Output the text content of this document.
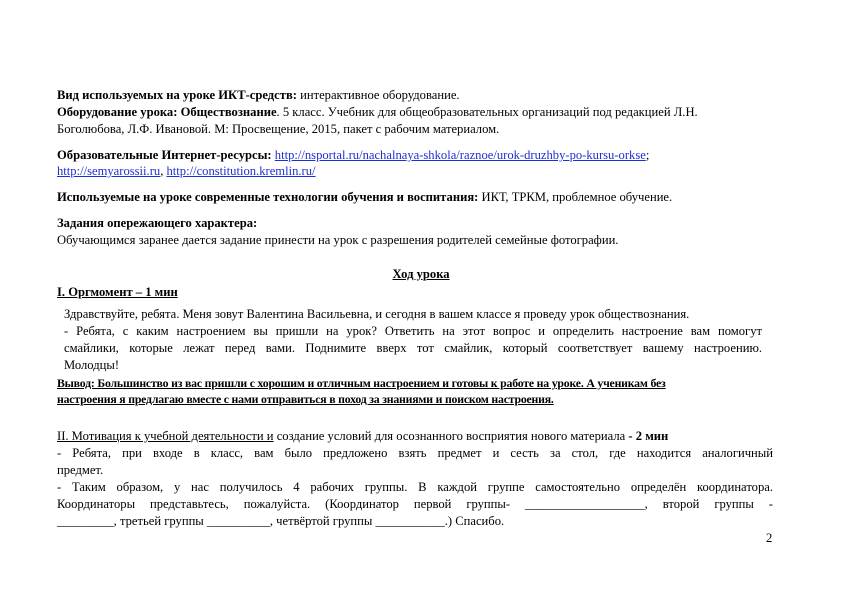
Вид используемых на уроке ИКТ-средств: интерактивное оборудование.
Оборудование урока: Обществознание. 5 класс. Учебник для общеобразовательных организаций под редакцией Л.Н.
Боголюбова, Л.Ф. Ивановой. М: Просвещение, 2015, пакет с рабочим материалом.
Образовательные Интернет-ресурсы: http://nsportal.ru/nachalnaya-shkola/raznoe/urok-druzhby-po-kursu-orkse;
http://semyarossii.ru, http://constitution.kremlin.ru/
Используемые на уроке современные технологии обучения и воспитания: ИКТ, ТРКМ, проблемное обучение.
Задания опережающего характера:
Обучающимся заранее дается задание принести на урок с разрешения родителей семейные фотографии.
Ход урока
I. Оргмомент – 1 мин
Здравствуйте, ребята. Меня зовут Валентина Васильевна, и сегодня в вашем классе я проведу урок обществознания.
- Ребята, с каким настроением вы пришли на урок? Ответить на этот вопрос и определить настроение вам помогут
смайлики, которые лежат перед вами. Поднимите вверх тот смайлик, который соответствует вашему настроению.
Молодцы!
Вывод: Большинство из вас пришли с хорошим и отличным настроением и готовы к работе на уроке. А ученикам без
настроения я предлагаю вместе с нами отправиться в поход за знаниями и поиском настроения.
II. Мотивация к учебной деятельности и создание условий для осознанного восприятия нового материала - 2 мин
- Ребята, при входе в класс, вам было предложено взять предмет и сесть за стол, где находится аналогичный
предмет.
- Таким образом, у нас получилось 4 рабочих группы. В каждой группе самостоятельно определён координатора.
Координаторы представьтесь, пожалуйста. (Координатор первой группы- ___________________, второй группы -
_________, третьей группы __________, четвёртой группы ___________.) Спасибо.
2
